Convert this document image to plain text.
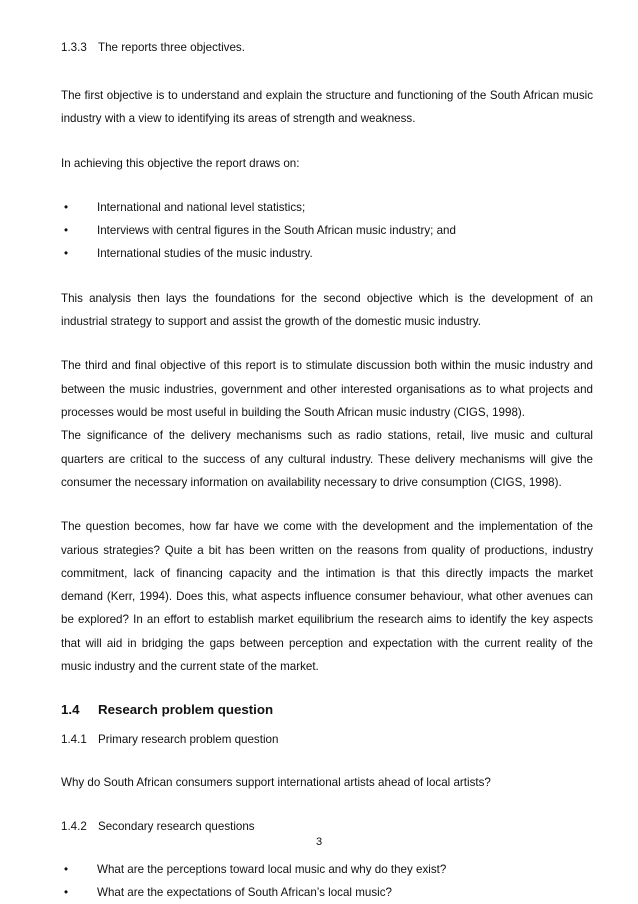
1.3.3 The reports three objectives.

The first objective is to understand and explain the structure and functioning of the South African music industry with a view to identifying its areas of strength and weakness.

In achieving this objective the report draws on:

•	International and national level statistics;
•	Interviews with central figures in the South African music industry; and
•	International studies of the music industry.

This analysis then lays the foundations for the second objective which is the development of an industrial strategy to support and assist the growth of the domestic music industry.

The third and final objective of this report is to stimulate discussion both within the music industry and between the music industries, government and other interested organisations as to what projects and processes would be most useful in building the South African music industry (CIGS, 1998).

The significance of the delivery mechanisms such as radio stations, retail, live music and cultural quarters are critical to the success of any cultural industry. These delivery mechanisms will give the consumer the necessary information on availability necessary to drive consumption (CIGS, 1998).

The question becomes, how far have we come with the development and the implementation of the various strategies? Quite a bit has been written on the reasons from quality of productions, industry commitment, lack of financing capacity and the intimation is that this directly impacts the market demand (Kerr, 1994). Does this, what aspects influence consumer behaviour, what other avenues can be explored? In an effort to establish market equilibrium the research aims to identify the key aspects that will aid in bridging the gaps between perception and expectation with the current reality of the music industry and the current state of the market.

1.4	Research problem question

1.4.1 Primary research problem question

Why do South African consumers support international artists ahead of local artists?

1.4.2 Secondary research questions

•	What are the perceptions toward local music and why do they exist?
•	What are the expectations of South African’s local music?
3
